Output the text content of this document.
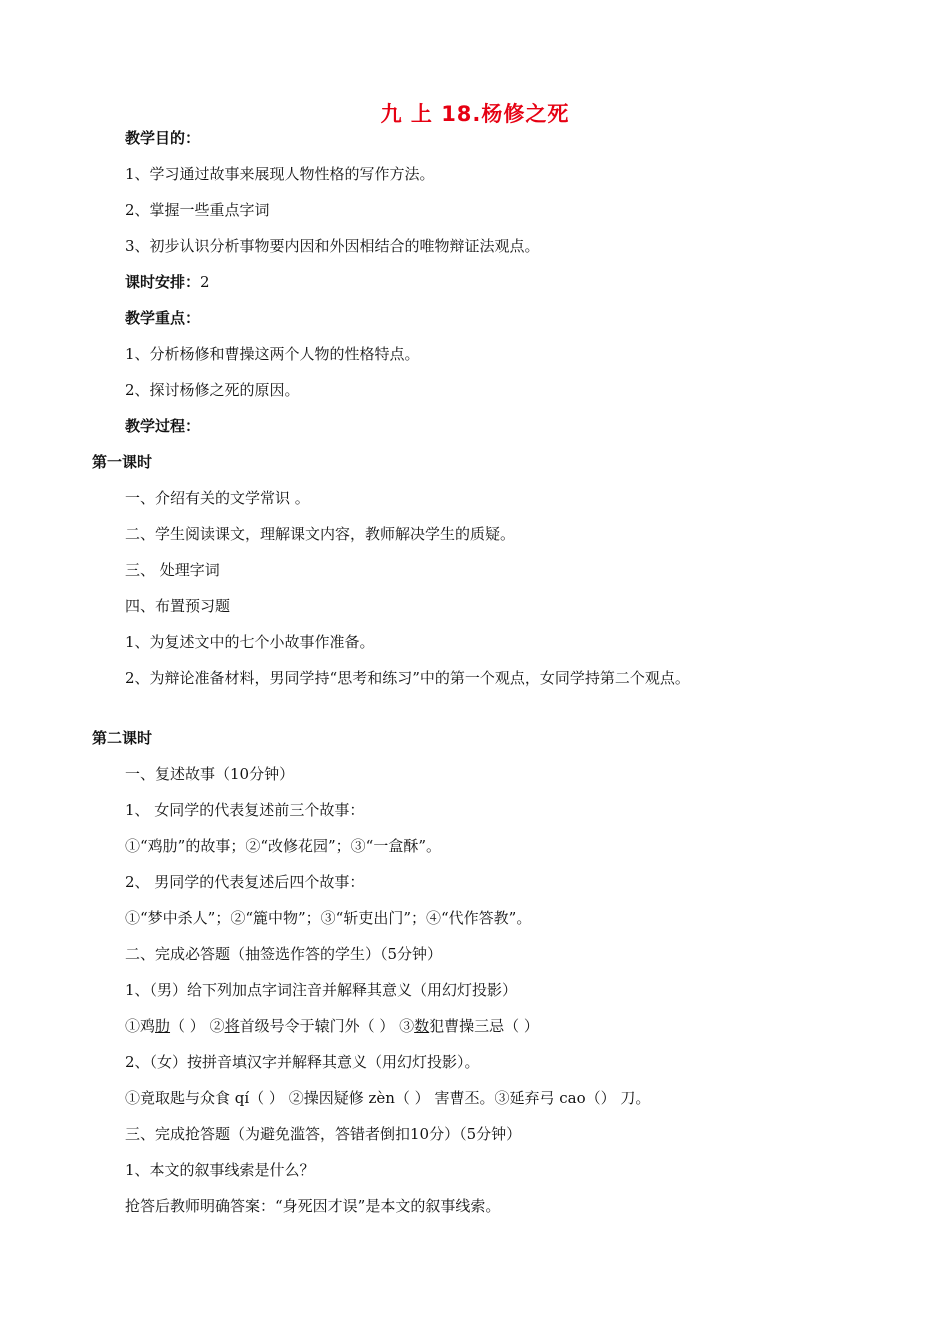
九 上 18.杨修之死
教学目的：
1、学习通过故事来展现人物性格的写作方法。
2、掌握一些重点字词
3、初步认识分析事物要内因和外因相结合的唯物辩证法观点。
课时安排：2
教学重点：
1、分析杨修和曹操这两个人物的性格特点。
2、探讨杨修之死的原因。
教学过程：
第一课时
一、介绍有关的文学常识 。
二、学生阅读课文，理解课文内容，教师解决学生的质疑。
三、 处理字词
四、布置预习题
1、为复述文中的七个小故事作准备。
2、为辩论准备材料，男同学持“思考和练习”中的第一个观点，女同学持第二个观点。
第二课时
一、复述故事（10分钟）
1、 女同学的代表复述前三个故事：
①“鸡肋”的故事；②“改修花园”；③“一盒酥”。
2、 男同学的代表复述后四个故事：
①“梦中杀人”；②“簏中物”；③“斩吏出门”；④“代作答教”。
二、完成必答题（抽签选作答的学生）（5分钟）
1、（男）给下列加点字词注音并解释其意义（用幻灯投影）
①鸡肋（ ） ②将首级号令于辕门外（ ） ③数犯曹操三忌（ ）
2、（女）按拼音填汉字并解释其意义（用幻灯投影）。
①竟取匙与众食 qí（ ） ②操因疑修 zèn（ ） 害曹丕。③延弃弓 cao（） 刀。
三、完成抢答题（为避免滥答，答错者倒扣10分）（5分钟）
1、本文的叙事线索是什么？
抢答后教师明确答案：“身死因才误”是本文的叙事线索。
